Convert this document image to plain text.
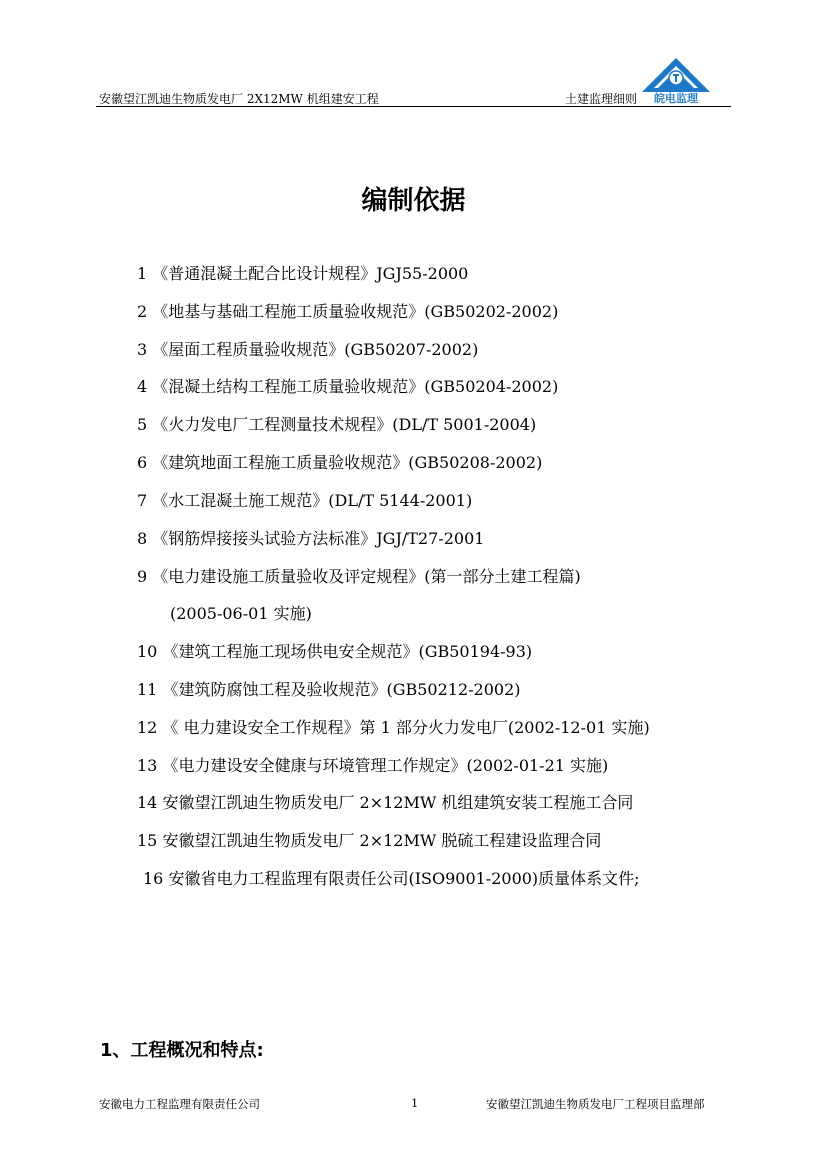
安徽望江凯迪生物质发电厂 2X12MW 机组建安工程	土建监理细则 皖电监理
编制依据
1 《普通混凝土配合比设计规程》JGJ55-2000
2 《地基与基础工程施工质量验收规范》(GB50202-2002)
3 《屋面工程质量验收规范》(GB50207-2002)
4 《混凝土结构工程施工质量验收规范》(GB50204-2002)
5 《火力发电厂工程测量技术规程》(DL/T 5001-2004)
6 《建筑地面工程施工质量验收规范》(GB50208-2002)
7 《水工混凝土施工规范》(DL/T 5144-2001)
8 《钢筋焊接接头试验方法标准》JGJ/T27-2001
9 《电力建设施工质量验收及评定规程》(第一部分土建工程篇)
(2005-06-01 实施)
10 《建筑工程施工现场供电安全规范》(GB50194-93)
11 《建筑防腐蚀工程及验收规范》(GB50212-2002)
12 《 电力建设安全工作规程》第 1 部分火力发电厂(2002-12-01 实施)
13 《电力建设安全健康与环境管理工作规定》(2002-01-21 实施)
14 安徽望江凯迪生物质发电厂 2×12MW 机组建筑安装工程施工合同
15 安徽望江凯迪生物质发电厂 2×12MW 脱硫工程建设监理合同
16 安徽省电力工程监理有限责任公司(ISO9001-2000)质量体系文件;
1、工程概况和特点:
安徽电力工程监理有限责任公司	1	安徽望江凯迪生物质发电厂工程项目监理部
